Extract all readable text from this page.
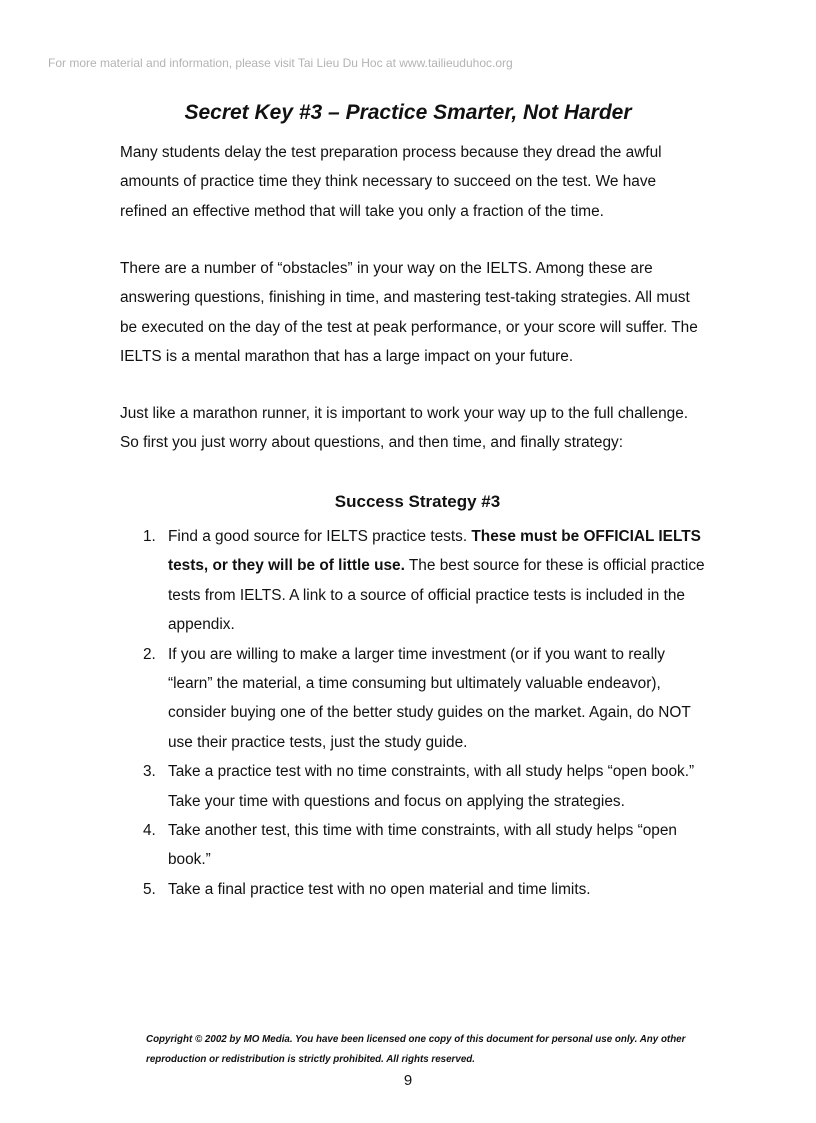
For more material and information, please visit Tai Lieu Du Hoc at www.tailieuduhoc.org
Secret Key #3 – Practice Smarter, Not Harder

Many students delay the test preparation process because they dread the awful amounts of practice time they think necessary to succeed on the test. We have refined an effective method that will take you only a fraction of the time.

There are a number of “obstacles” in your way on the IELTS. Among these are answering questions, finishing in time, and mastering test-taking strategies. All must be executed on the day of the test at peak performance, or your score will suffer. The IELTS is a mental marathon that has a large impact on your future.

Just like a marathon runner, it is important to work your way up to the full challenge. So first you just worry about questions, and then time, and finally strategy:

Success Strategy #3
1. Find a good source for IELTS practice tests. These must be OFFICIAL IELTS tests, or they will be of little use. The best source for these is official practice tests from IELTS. A link to a source of official practice tests is included in the appendix.
2. If you are willing to make a larger time investment (or if you want to really “learn” the material, a time consuming but ultimately valuable endeavor), consider buying one of the better study guides on the market. Again, do NOT use their practice tests, just the study guide.
3. Take a practice test with no time constraints, with all study helps “open book.” Take your time with questions and focus on applying the strategies.
4. Take another test, this time with time constraints, with all study helps “open book.”
5. Take a final practice test with no open material and time limits.

Copyright © 2002 by MO Media. You have been licensed one copy of this document for personal use only. Any other reproduction or redistribution is strictly prohibited. All rights reserved.

9
